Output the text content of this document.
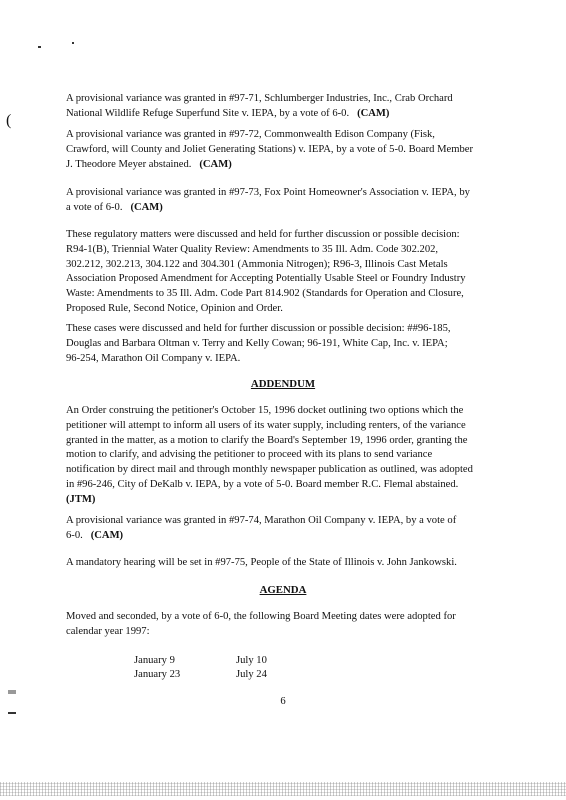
(
A provisional variance was granted in #97-71, Schlumberger Industries, Inc., Crab Orchard
National Wildlife Refuge Superfund Site v. IEPA, by a vote of 6-0. (CAM)
A provisional variance was granted in #97-72, Commonwealth Edison Company (Fisk,
Crawford, will County and Joliet Generating Stations) v. IEPA, by a vote of 5-0. Board Member
J. Theodore Meyer abstained. (CAM)
A provisional variance was granted in #97-73, Fox Point Homeowner's Association v. IEPA, by
a vote of 6-0. (CAM)
These regulatory matters were discussed and held for further discussion or possible decision:
R94-1(B), Triennial Water Quality Review: Amendments to 35 Ill. Adm. Code 302.202,
302.212, 302.213, 304.122 and 304.301 (Ammonia Nitrogen); R96-3, Illinois Cast Metals
Association Proposed Amendment for Accepting Potentially Usable Steel or Foundry Industry
Waste: Amendments to 35 Ill. Adm. Code Part 814.902 (Standards for Operation and Closure,
Proposed Rule, Second Notice, Opinion and Order.
These cases were discussed and held for further discussion or possible decision: ##96-185,
Douglas and Barbara Oltman v. Terry and Kelly Cowan; 96-191, White Cap, Inc. v. IEPA;
96-254, Marathon Oil Company v. IEPA.
ADDENDUM
An Order construing the petitioner's October 15, 1996 docket outlining two options which the
petitioner will attempt to inform all users of its water supply, including renters, of the variance
granted in the matter, as a motion to clarify the Board's September 19, 1996 order, granting the
motion to clarify, and advising the petitioner to proceed with its plans to send variance
notification by direct mail and through monthly newspaper publication as outlined, was adopted
in #96-246, City of DeKalb v. IEPA, by a vote of 5-0. Board member R.C. Flemal abstained.
(JTM)
A provisional variance was granted in #97-74, Marathon Oil Company v. IEPA, by a vote of
6-0. (CAM)
A mandatory hearing will be set in #97-75, People of the State of Illinois v. John Jankowski.
AGENDA
Moved and seconded, by a vote of 6-0, the following Board Meeting dates were adopted for
calendar year 1997:
January 9	July 10
January 23	July 24
6
